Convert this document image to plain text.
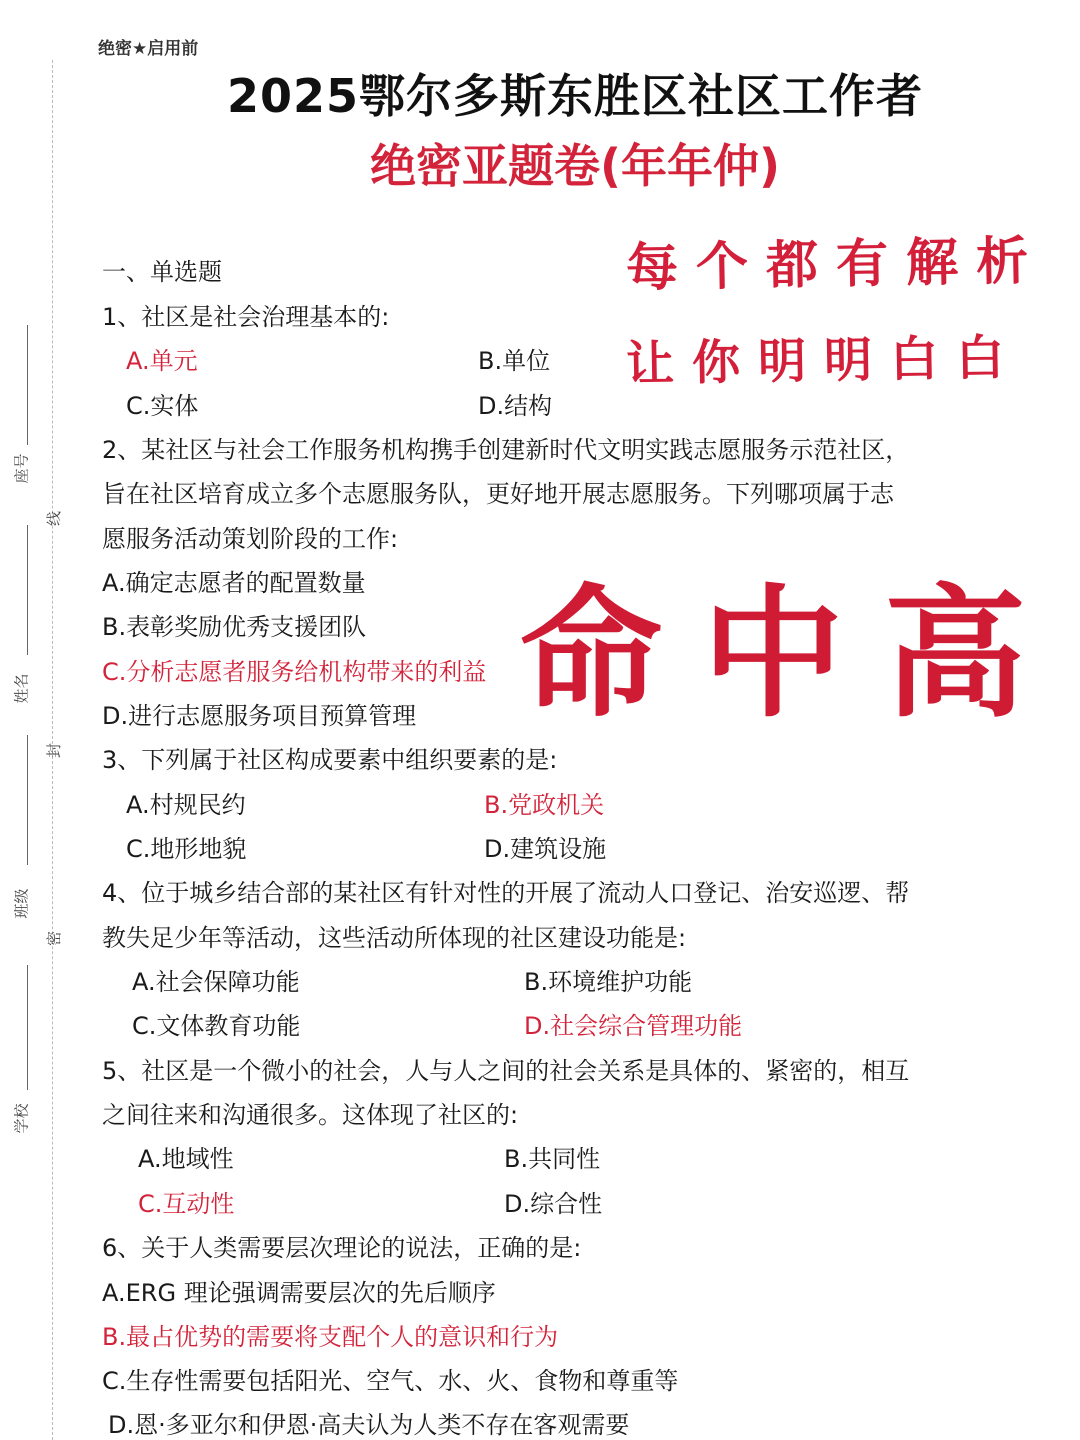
座号
姓名
班级
学校
线
封
密
绝密★启用前
2025鄂尔多斯东胜区社区工作者
绝密亚题卷(年年仲)
每个都有解析
让你明明白白
命中高
一、单选题
1、社区是社会治理基本的:
A.单元	B.单位
C.实体	D.结构
2、某社区与社会工作服务机构携手创建新时代文明实践志愿服务示范社区，
旨在社区培育成立多个志愿服务队，更好地开展志愿服务。下列哪项属于志
愿服务活动策划阶段的工作:
A.确定志愿者的配置数量
B.表彰奖励优秀支援团队
C.分析志愿者服务给机构带来的利益
D.进行志愿服务项目预算管理
3、下列属于社区构成要素中组织要素的是:
A.村规民约	B.党政机关
C.地形地貌	D.建筑设施
4、位于城乡结合部的某社区有针对性的开展了流动人口登记、治安巡逻、帮
教失足少年等活动，这些活动所体现的社区建设功能是:
A.社会保障功能	B.环境维护功能
C.文体教育功能	D.社会综合管理功能
5、社区是一个微小的社会，人与人之间的社会关系是具体的、紧密的，相互
之间往来和沟通很多。这体现了社区的:
A.地域性	B.共同性
C.互动性	D.综合性
6、关于人类需要层次理论的说法，正确的是:
A.ERG 理论强调需要层次的先后顺序
B.最占优势的需要将支配个人的意识和行为
C.生存性需要包括阳光、空气、水、火、食物和尊重等
D.恩·多亚尔和伊恩·高夫认为人类不存在客观需要
